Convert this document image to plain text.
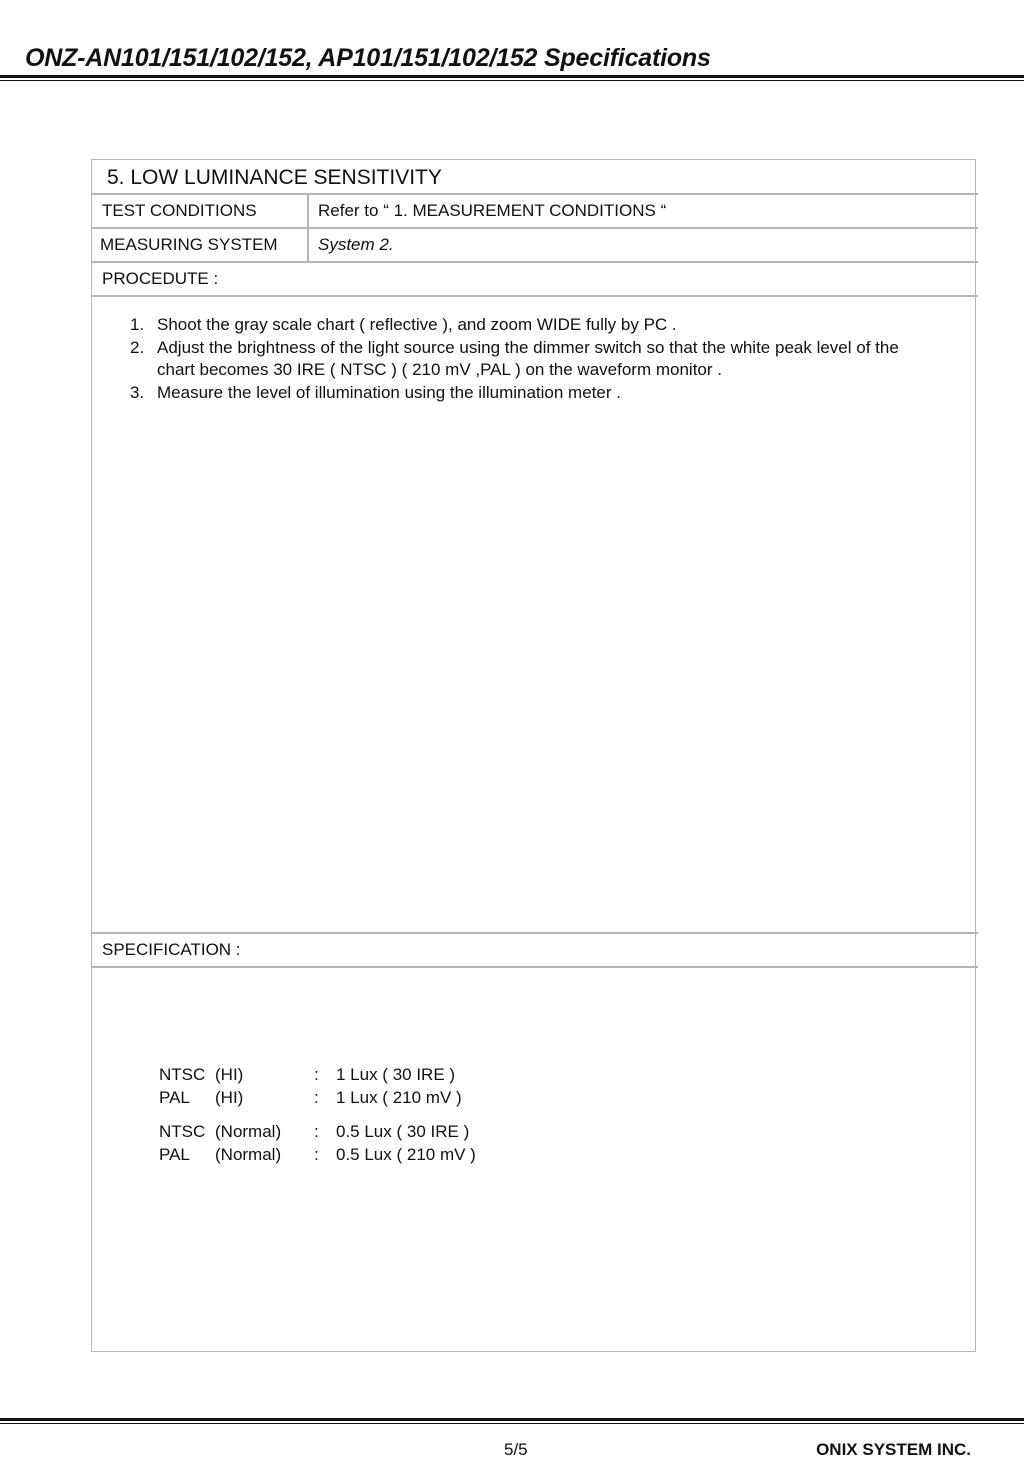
ONZ-AN101/151/102/152, AP101/151/102/152 Specifications
5. LOW LUMINANCE SENSITIVITY
TEST CONDITIONS	Refer to “ 1. MEASUREMENT CONDITIONS “
MEASURING SYSTEM System 2.
PROCEDUTE :
1. Shoot the gray scale chart ( reflective ), and zoom WIDE fully by PC .
2. Adjust the brightness of the light source using the dimmer switch so that the white peak level of the chart becomes 30 IRE ( NTSC ) ( 210 mV ,PAL ) on the waveform monitor .
3. Measure the level of illumination using the illumination meter .
SPECIFICATION :
NTSC (HI)	: 1 Lux ( 30 IRE )
PAL (HI)	: 1 Lux ( 210 mV )
NTSC (Normal) : 0.5 Lux ( 30 IRE )
PAL (Normal) : 0.5 Lux ( 210 mV )
5/5	ONIX SYSTEM INC.
